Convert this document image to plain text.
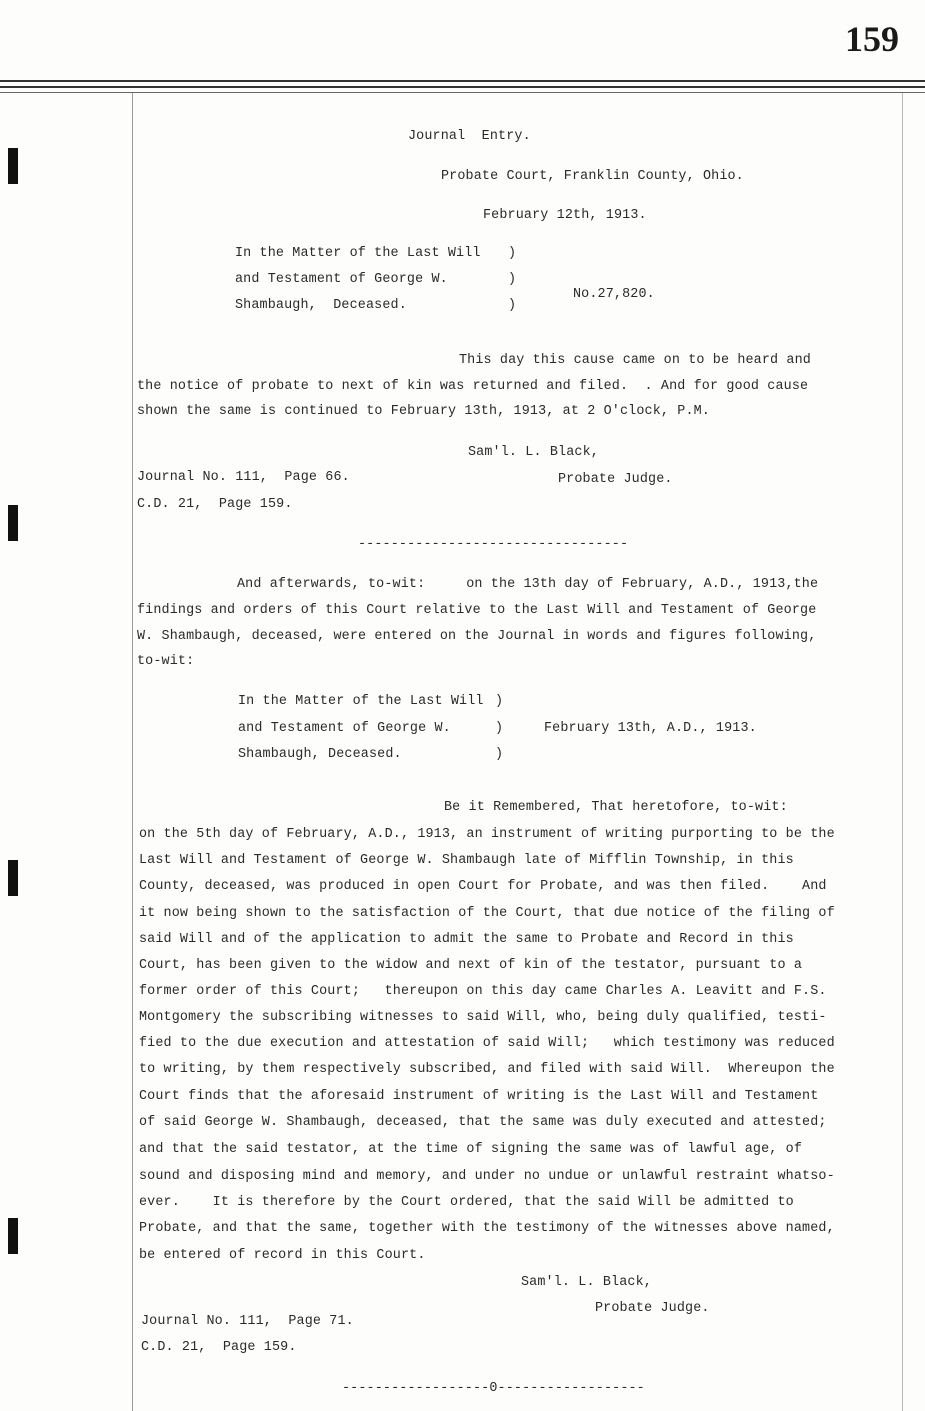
159
Journal  Entry.
Probate Court, Franklin County, Ohio.
February 12th, 1913.
In the Matter of the Last Will
and Testament of George W.
Shambaugh,  Deceased.
)
)
)
No.27,820.
This day this cause came on to be heard and
the notice of probate to next of kin was returned and filed.  . And for good cause
shown the same is continued to February 13th, 1913, at 2 O'clock, P.M.
Sam'l. L. Black,
Journal No. 111,  Page 66.	Probate Judge.
C.D. 21,  Page 159.
---------------------------------
And afterwards, to-wit:     on the 13th day of February, A.D., 1913,the
findings and orders of this Court relative to the Last Will and Testament of George
W. Shambaugh, deceased, were entered on the Journal in words and figures following,
to-wit:
In the Matter of the Last Will
and Testament of George W.
Shambaugh, Deceased.
)
)
)
February 13th, A.D., 1913.
Be it Remembered, That heretofore, to-wit:
on the 5th day of February, A.D., 1913, an instrument of writing purporting to be the
Last Will and Testament of George W. Shambaugh late of Mifflin Township, in this
County, deceased, was produced in open Court for Probate, and was then filed.    And
it now being shown to the satisfaction of the Court, that due notice of the filing of
said Will and of the application to admit the same to Probate and Record in this
Court, has been given to the widow and next of kin of the testator, pursuant to a
former order of this Court;   thereupon on this day came Charles A. Leavitt and F.S.
Montgomery the subscribing witnesses to said Will, who, being duly qualified, testi-
fied to the due execution and attestation of said Will;   which testimony was reduced
to writing, by them respectively subscribed, and filed with said Will.  Whereupon the
Court finds that the aforesaid instrument of writing is the Last Will and Testament
of said George W. Shambaugh, deceased, that the same was duly executed and attested;
and that the said testator, at the time of signing the same was of lawful age, of
sound and disposing mind and memory, and under no undue or unlawful restraint whatso-
ever.    It is therefore by the Court ordered, that the said Will be admitted to
Probate, and that the same, together with the testimony of the witnesses above named,
be entered of record in this Court.
Sam'l. L. Black,
Probate Judge.
Journal No. 111,  Page 71.
C.D. 21,  Page 159.
------------------0------------------
